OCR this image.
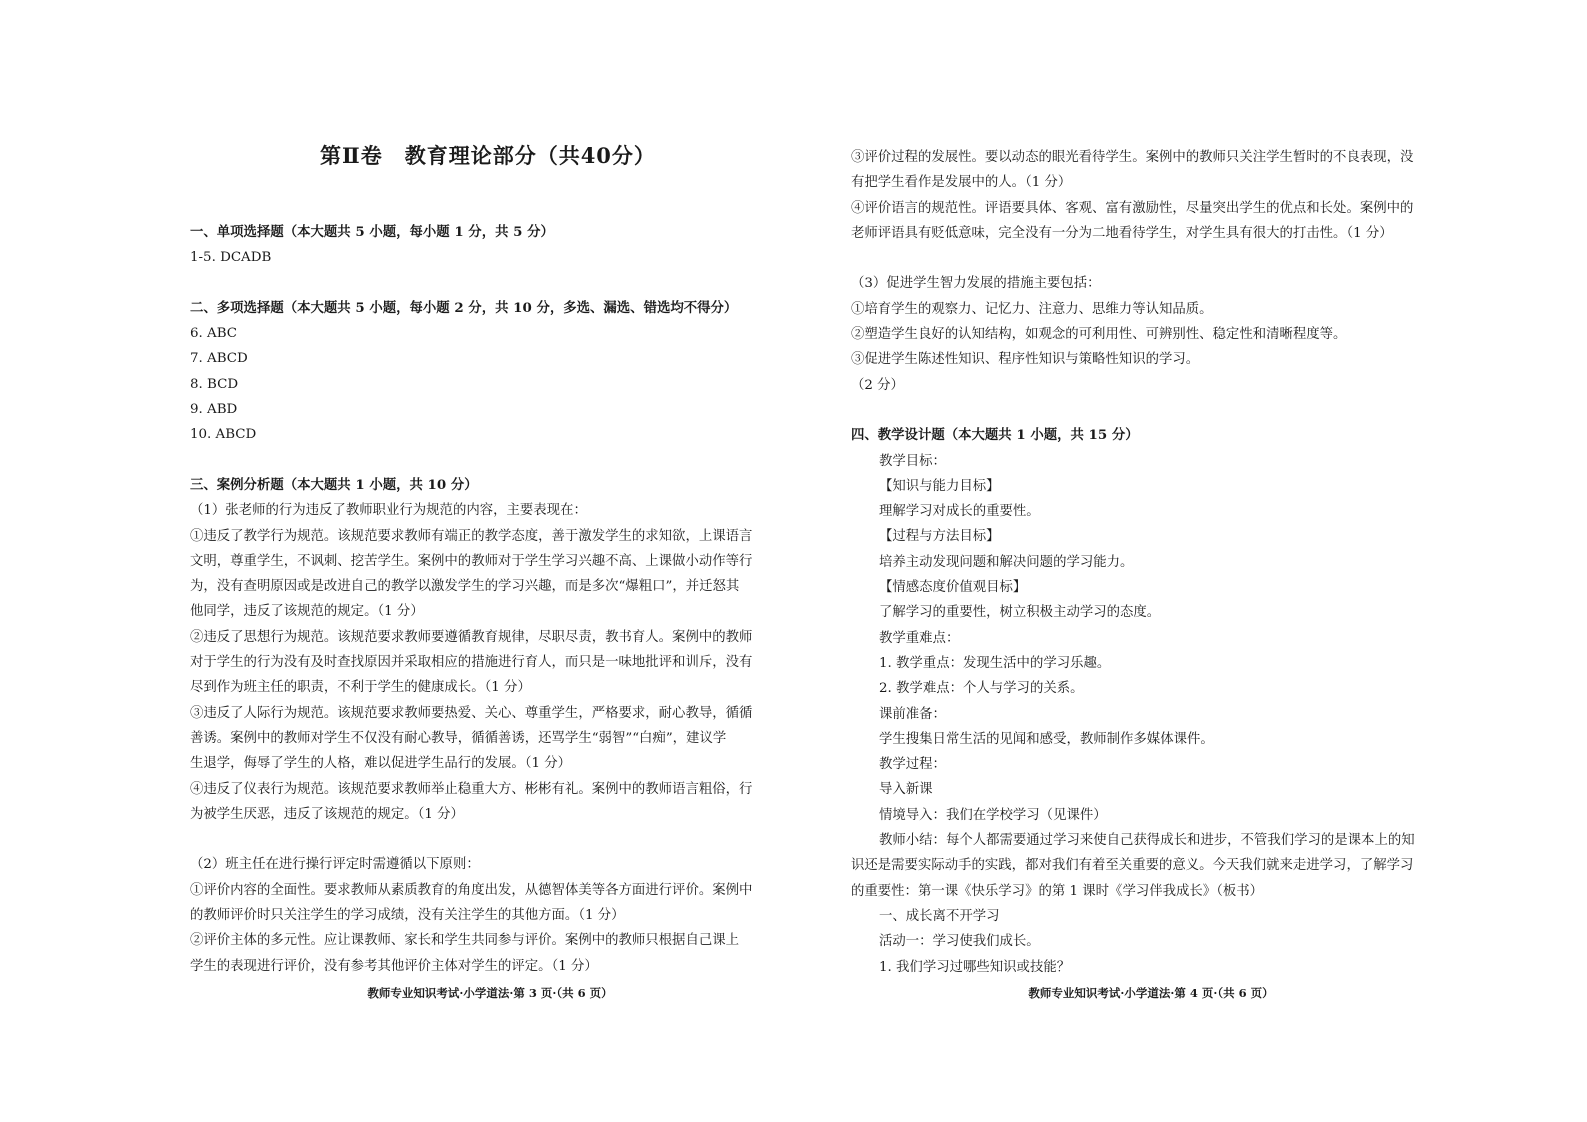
第Ⅱ卷　教育理论部分（共40分）
一、单项选择题（本大题共 5 小题，每小题 1 分，共 5 分）
1-5. DCADB
二、多项选择题（本大题共 5 小题，每小题 2 分，共 10 分，多选、漏选、错选均不得分）
6. ABC
7. ABCD
8. BCD
9. ABD
10. ABCD
三、案例分析题（本大题共 1 小题，共 10 分）
（1）张老师的行为违反了教师职业行为规范的内容，主要表现在：
①违反了教学行为规范。该规范要求教师有端正的教学态度，善于激发学生的求知欲，上课语言
文明，尊重学生，不讽刺、挖苦学生。案例中的教师对于学生学习兴趣不高、上课做小动作等行
为，没有查明原因或是改进自己的教学以激发学生的学习兴趣，而是多次“爆粗口”，并迁怒其
他同学，违反了该规范的规定。（1 分）
②违反了思想行为规范。该规范要求教师要遵循教育规律，尽职尽责，教书育人。案例中的教师
对于学生的行为没有及时查找原因并采取相应的措施进行育人，而只是一味地批评和训斥，没有
尽到作为班主任的职责，不利于学生的健康成长。（1 分）
③违反了人际行为规范。该规范要求教师要热爱、关心、尊重学生，严格要求，耐心教导，循循
善诱。案例中的教师对学生不仅没有耐心教导，循循善诱，还骂学生“弱智”“白痴”，建议学
生退学，侮辱了学生的人格，难以促进学生品行的发展。（1 分）
④违反了仪表行为规范。该规范要求教师举止稳重大方、彬彬有礼。案例中的教师语言粗俗，行
为被学生厌恶，违反了该规范的规定。（1 分）
（2）班主任在进行操行评定时需遵循以下原则：
①评价内容的全面性。要求教师从素质教育的角度出发，从德智体美等各方面进行评价。案例中
的教师评价时只关注学生的学习成绩，没有关注学生的其他方面。（1 分）
②评价主体的多元性。应让课教师、家长和学生共同参与评价。案例中的教师只根据自己课上
学生的表现进行评价，没有参考其他评价主体对学生的评定。（1 分）
教师专业知识考试·小学道法·第 3 页·（共 6 页）
③评价过程的发展性。要以动态的眼光看待学生。案例中的教师只关注学生暂时的不良表现，没
有把学生看作是发展中的人。（1 分）
④评价语言的规范性。评语要具体、客观、富有激励性，尽量突出学生的优点和长处。案例中的
老师评语具有贬低意味，完全没有一分为二地看待学生，对学生具有很大的打击性。（1 分）
（3）促进学生智力发展的措施主要包括：
①培育学生的观察力、记忆力、注意力、思维力等认知品质。
②塑造学生良好的认知结构，如观念的可利用性、可辨别性、稳定性和清晰程度等。
③促进学生陈述性知识、程序性知识与策略性知识的学习。
（2 分）
四、教学设计题（本大题共 1 小题，共 15 分）
教学目标：
【知识与能力目标】
理解学习对成长的重要性。
【过程与方法目标】
培养主动发现问题和解决问题的学习能力。
【情感态度价值观目标】
了解学习的重要性，树立积极主动学习的态度。
教学重难点：
1. 教学重点：发现生活中的学习乐趣。
2. 教学难点：个人与学习的关系。
课前准备：
学生搜集日常生活的见闻和感受，教师制作多媒体课件。
教学过程：
导入新课
情境导入：我们在学校学习（见课件）
教师小结：每个人都需要通过学习来使自己获得成长和进步，不管我们学习的是课本上的知
识还是需要实际动手的实践，都对我们有着至关重要的意义。今天我们就来走进学习，了解学习
的重要性：第一课《快乐学习》的第 1 课时《学习伴我成长》（板书）
一、成长离不开学习
活动一：学习使我们成长。
1. 我们学习过哪些知识或技能？
教师专业知识考试·小学道法·第 4 页·（共 6 页）
